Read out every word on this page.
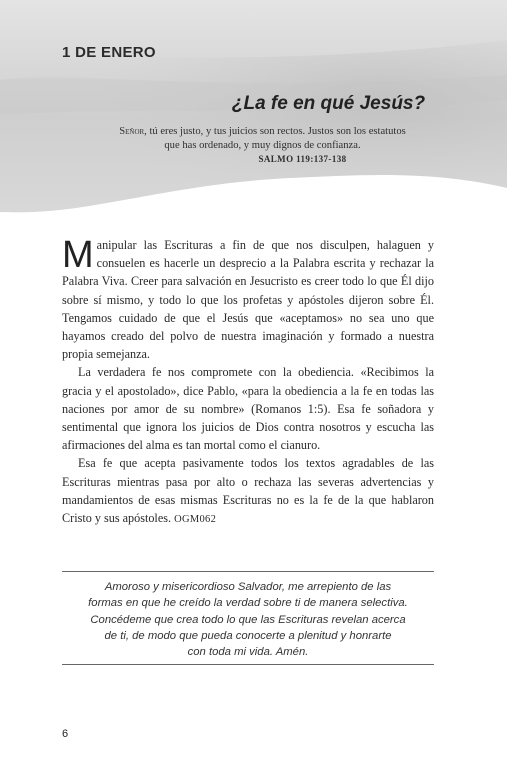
1 DE ENERO
¿La fe en qué Jesús?
Señor, tú eres justo, y tus juicios son rectos. Justos son los estatutos
que has ordenado, y muy dignos de confianza.
SALMO 119:137-138

Manipular las Escrituras a fin de que nos disculpen, halaguen y consuelen es hacerle un desprecio a la Palabra escrita y rechazar la Palabra Viva. Creer para salvación en Jesucristo es creer todo lo que Él dijo sobre sí mismo, y todo lo que los profetas y apóstoles dijeron sobre Él. Tengamos cuidado de que el Jesús que «aceptamos» no sea uno que hayamos creado del polvo de nuestra imaginación y formado a nuestra propia semejanza.

La verdadera fe nos compromete con la obediencia. «Recibimos la gracia y el apostolado», dice Pablo, «para la obediencia a la fe en todas las naciones por amor de su nombre» (Romanos 1:5). Esa fe soñadora y sentimental que ignora los juicios de Dios contra nosotros y escucha las afirmaciones del alma es tan mortal como el cianuro.

Esa fe que acepta pasivamente todos los textos agradables de las Escrituras mientras pasa por alto o rechaza las severas advertencias y mandamientos de esas mismas Escrituras no es la fe de la que hablaron Cristo y sus apóstoles. OGM062

Amoroso y misericordioso Salvador, me arrepiento de las
formas en que he creído la verdad sobre ti de manera selectiva.
Concédeme que crea todo lo que las Escrituras revelan acerca
de ti, de modo que pueda conocerte a plenitud y honrarte
con toda mi vida. Amén.
6
